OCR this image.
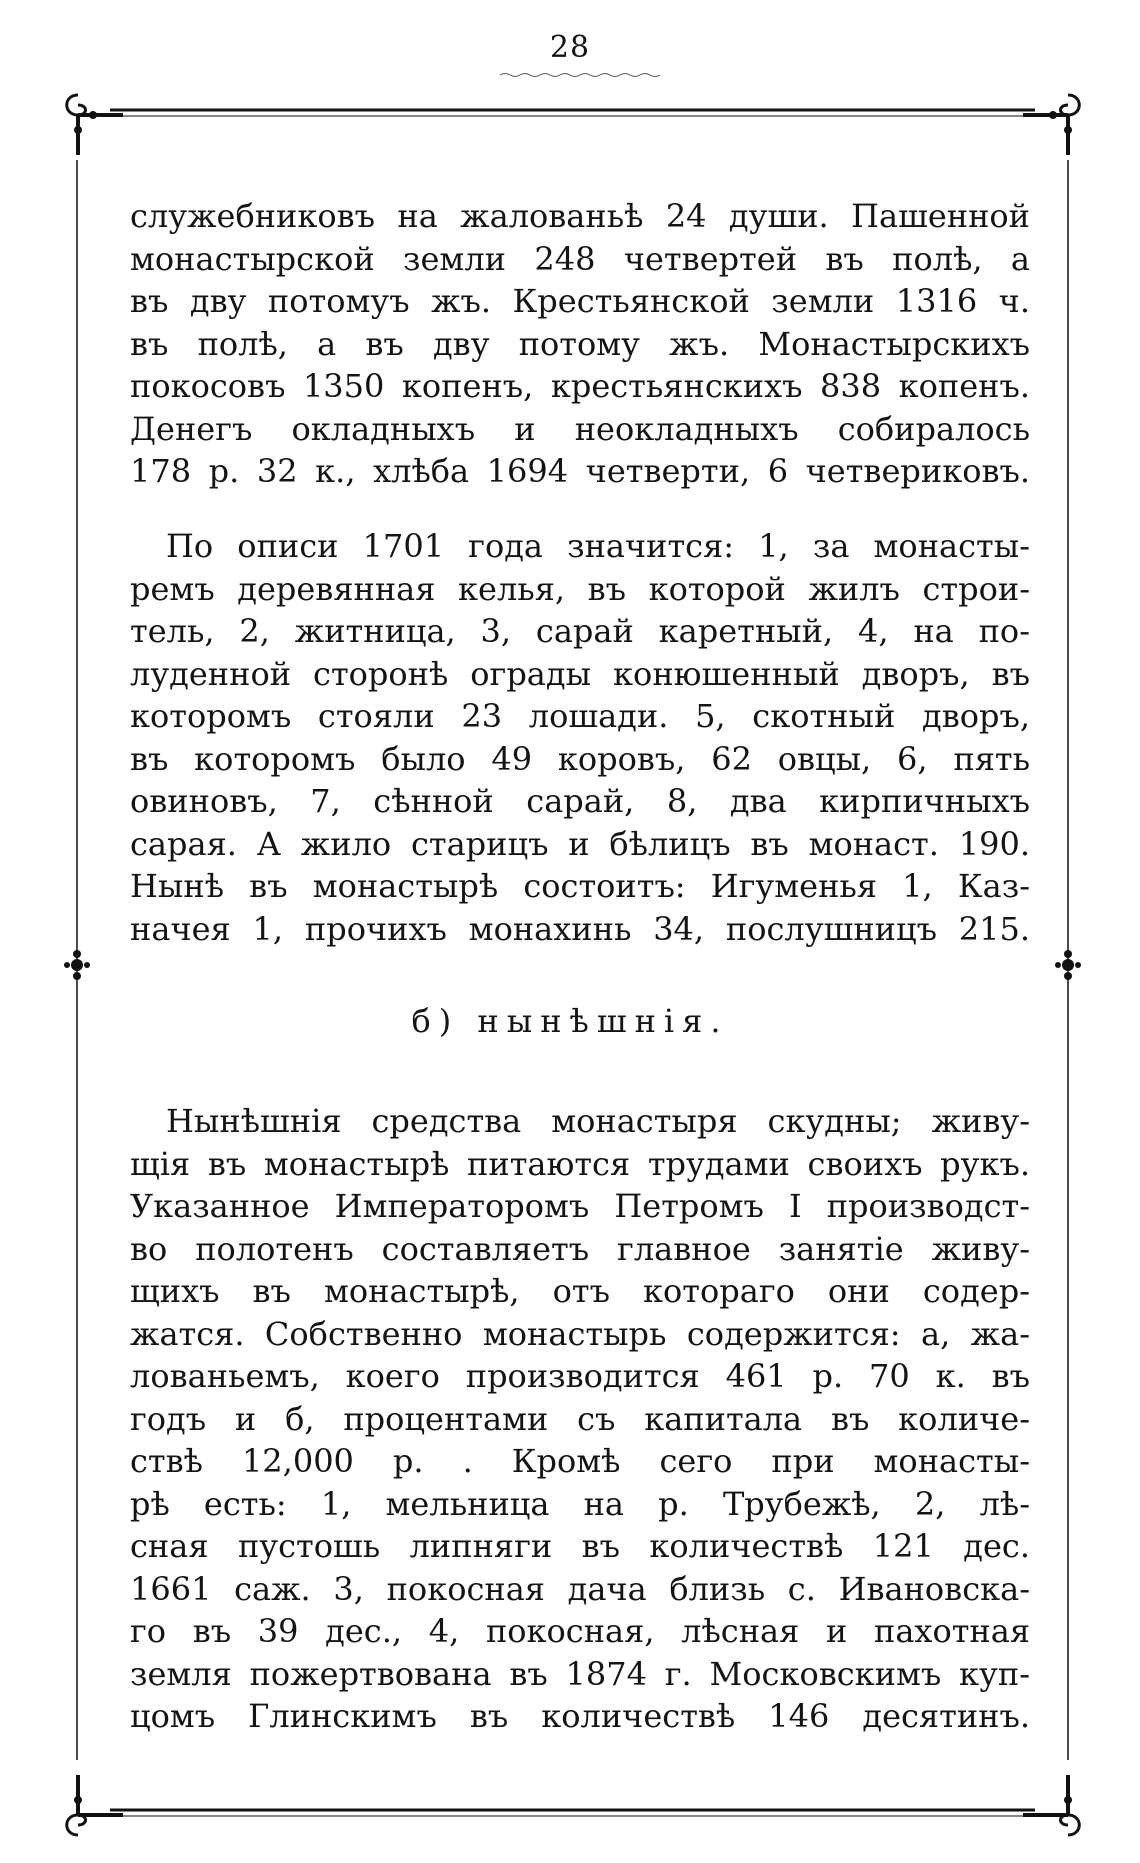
28
служебниковъ на жалованьѣ 24 души. Пашенной
монастырской земли 248 четвертей въ полѣ, а
въ дву потомуъ жъ. Крестьянской земли 1316 ч.
въ полѣ, а въ дву потому жъ. Монастырскихъ
покосовъ 1350 копенъ, крестьянскихъ 838 копенъ.
Денегъ окладныхъ и неокладныхъ собиралось
178 р. 32 к., хлѣба 1694 четверти, 6 четвериковъ.
По описи 1701 года значится: 1, за монасты-
ремъ деревянная келья, въ которой жилъ строи-
тель, 2, житница, 3, сарай каретный, 4, на по-
луденной сторонѣ ограды конюшенный дворъ, въ
которомъ стояли 23 лошади. 5, скотный дворъ,
въ которомъ было 49 коровъ, 62 овцы, 6, пять
овиновъ, 7, сѣнной сарай, 8, два кирпичныхъ
сарая. А жило старицъ и бѣлицъ въ монаст. 190.
Нынѣ въ монастырѣ состоитъ: Игуменья 1, Каз-
начея 1, прочихъ монахинь 34, послушницъ 215.
б) нынѣшнія.
Нынѣшнія средства монастыря скудны; живу-
щія въ монастырѣ питаются трудами своихъ рукъ.
Указанное Императоромъ Петромъ I производст-
во полотенъ составляетъ главное занятіе живу-
щихъ въ монастырѣ, отъ котораго они содер-
жатся. Собственно монастырь содержится: а, жа-
лованьемъ, коего производится 461 р. 70 к. въ
годъ и б, процентами съ капитала въ количе-
ствѣ 12,000 р. . Кромѣ сего при монасты-
рѣ есть: 1, мельница на р. Трубежѣ, 2, лѣ-
сная пустошь липняги въ количествѣ 121 дес.
1661 саж. 3, покосная дача близь с. Ивановска-
го въ 39 дес., 4, покосная, лѣсная и пахотная
земля пожертвована въ 1874 г. Московскимъ куп-
цомъ Глинскимъ въ количествѣ 146 десятинъ.
